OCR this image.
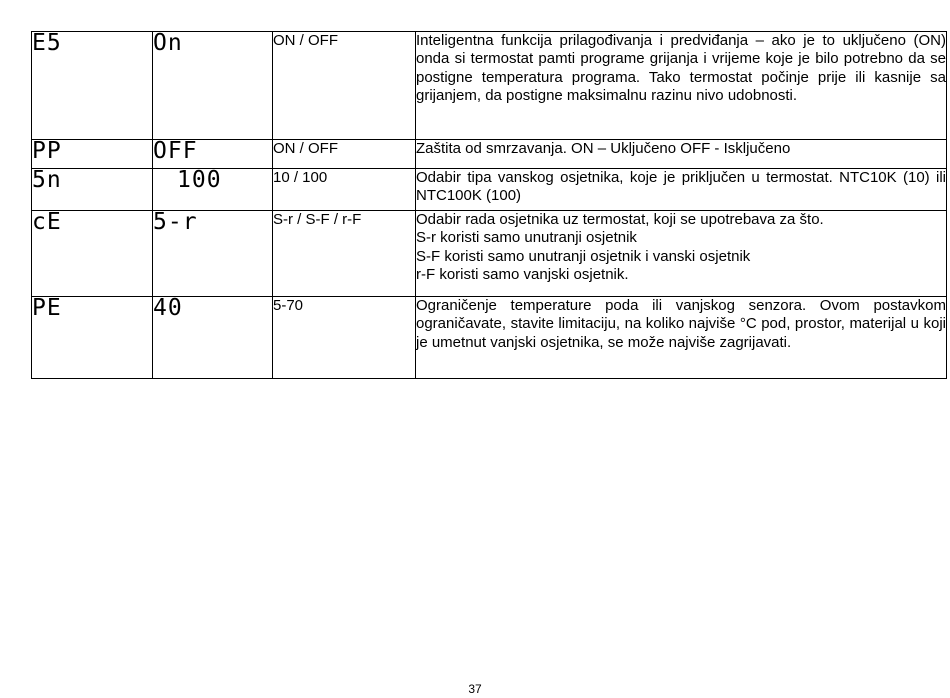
E5	On	ON / OFF	Inteligentna funkcija prilagođivanja i predviđanja – ako je to uključeno (ON) onda si termostat pamti programe grijanja i vrijeme koje je bilo potrebno da se postigne temperatura programa. Tako termostat počinje prije ili kasnije sa grijanjem, da postigne maksimalnu razinu nivo udobnosti.
PP	OFF	ON / OFF	Zaštita od smrzavanja. ON – Uključeno OFF - Isključeno
5n	100	10 / 100	Odabir tipa vanskog osjetnika, koje je priključen u termostat. NTC10K (10) ili NTC100K (100)
cE	5-r	S-r / S-F / r-F	Odabir rada osjetnika uz termostat, koji se upotrebava za što.
S-r koristi samo unutranji osjetnik
S-F koristi samo unutranji osjetnik i vanski osjetnik
r-F koristi samo vanjski osjetnik.

PE	40	5-70	Ograničenje temperature poda ili vanjskog senzora. Ovom postavkom ograničavate, stavite limitaciju, na koliko najviše °C pod, prostor, materijal u koji je umetnut vanjski osjetnika, se može najviše zagrijavati.
37
